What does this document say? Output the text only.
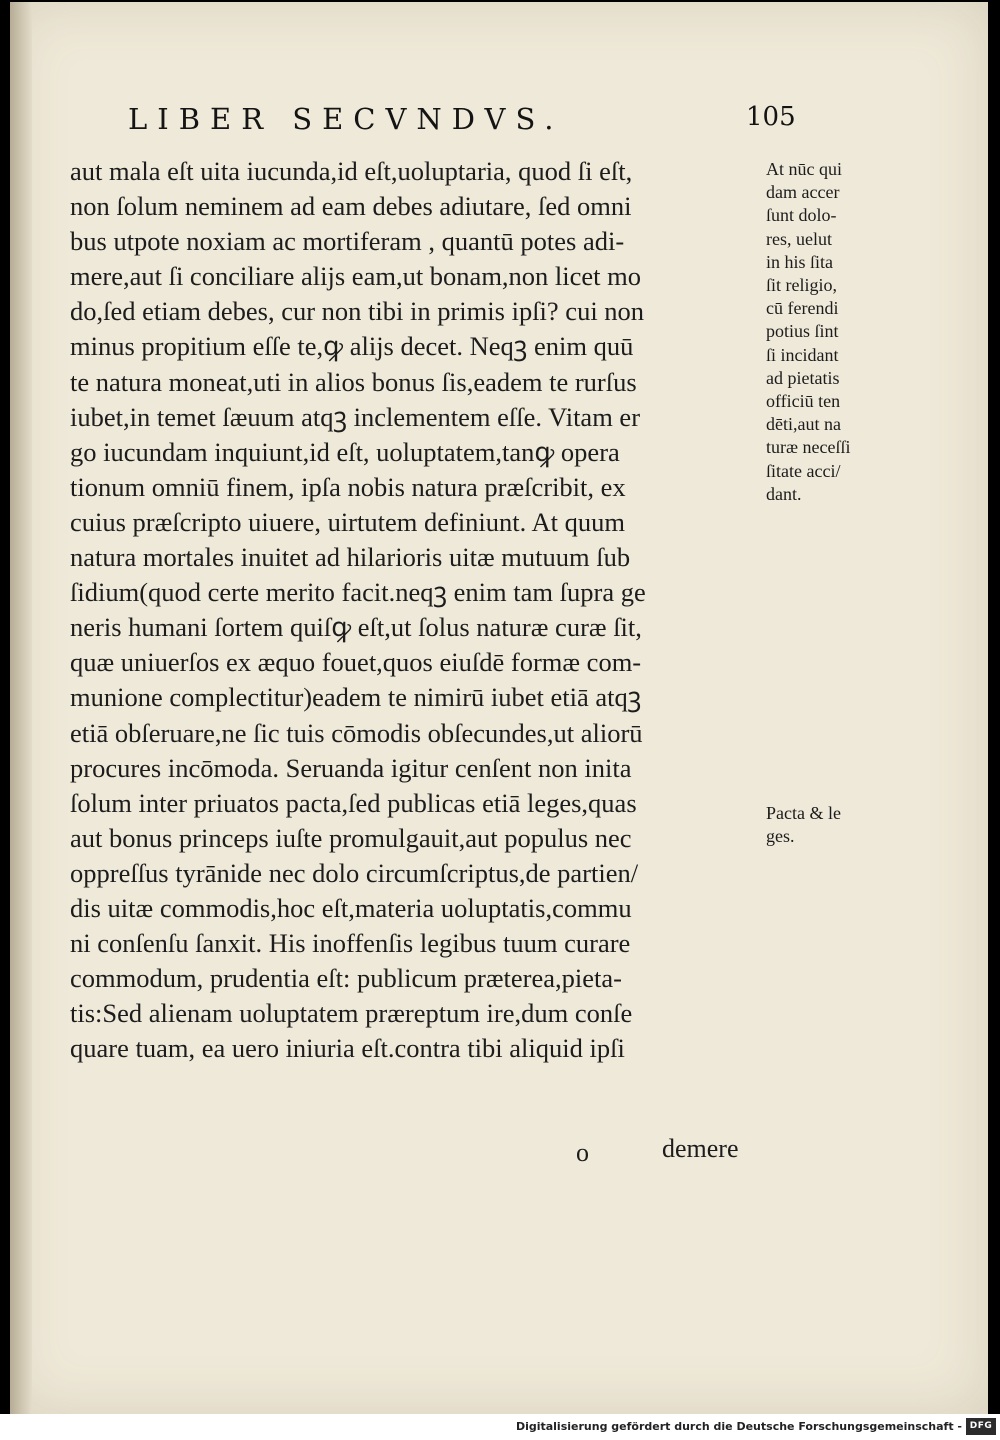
LIBER SECVNDVS.	105
aut mala eſt uita iucunda,id eſt,uoluptaria, quod ſi eſt,
non ſolum neminem ad eam debes adiutare, ſed omni
bus utpote noxiam ac mortiferam , quantū potes adi-
mere,aut ſi conciliare alijs eam,ut bonam,non licet mo
do,ſed etiam debes, cur non tibi in primis ipſi? cui non
minus propitium eſſe te,ꝙ alijs decet. Neqꝫ enim quū
te natura moneat,uti in alios bonus ſis,eadem te rurſus
iubet,in temet ſæuum atqꝫ inclementem eſſe. Vitam er
go iucundam inquiunt,id eſt, uoluptatem,tanꝙ opera
tionum omniū finem, ipſa nobis natura præſcribit, ex
cuius præſcripto uiuere, uirtutem definiunt. At quum
natura mortales inuitet ad hilarioris uitæ mutuum ſub
ſidium(quod certe merito facit.neqꝫ enim tam ſupra ge
neris humani ſortem quiſꝙ eſt,ut ſolus naturæ curæ ſit,
quæ uniuerſos ex æquo fouet,quos eiuſdē formæ com-
munione complectitur)eadem te nimirū iubet etiā atqꝫ
etiā obſeruare,ne ſic tuis cōmodis obſecundes,ut aliorū
procures incōmoda. Seruanda igitur cenſent non inita
ſolum inter priuatos pacta,ſed publicas etiā leges,quas
aut bonus princeps iuſte promulgauit,aut populus nec
oppreſſus tyrānide nec dolo circumſcriptus,de partien/
dis uitæ commodis,hoc eſt,materia uoluptatis,commu
ni conſenſu ſanxit. His inoffenſis legibus tuum curare
commodum, prudentia eſt: publicum præterea,pieta-
tis:Sed alienam uoluptatem præreptum ire,dum conſe
quare tuam, ea uero iniuria eſt.contra tibi aliquid ipſi
At nūc qui
dam accer
ſunt dolo-
res, uelut
in his ſita
ſit religio,
cū ferendi
potius ſint
ſi incidant
ad pietatis
officiū ten
dēti,aut na
turæ neceſſi
ſitate acci/
dant.
Pacta & le
ges.
o	demere
Digitalisierung gefördert durch die Deutsche Forschungsgemeinschaft - DFG
